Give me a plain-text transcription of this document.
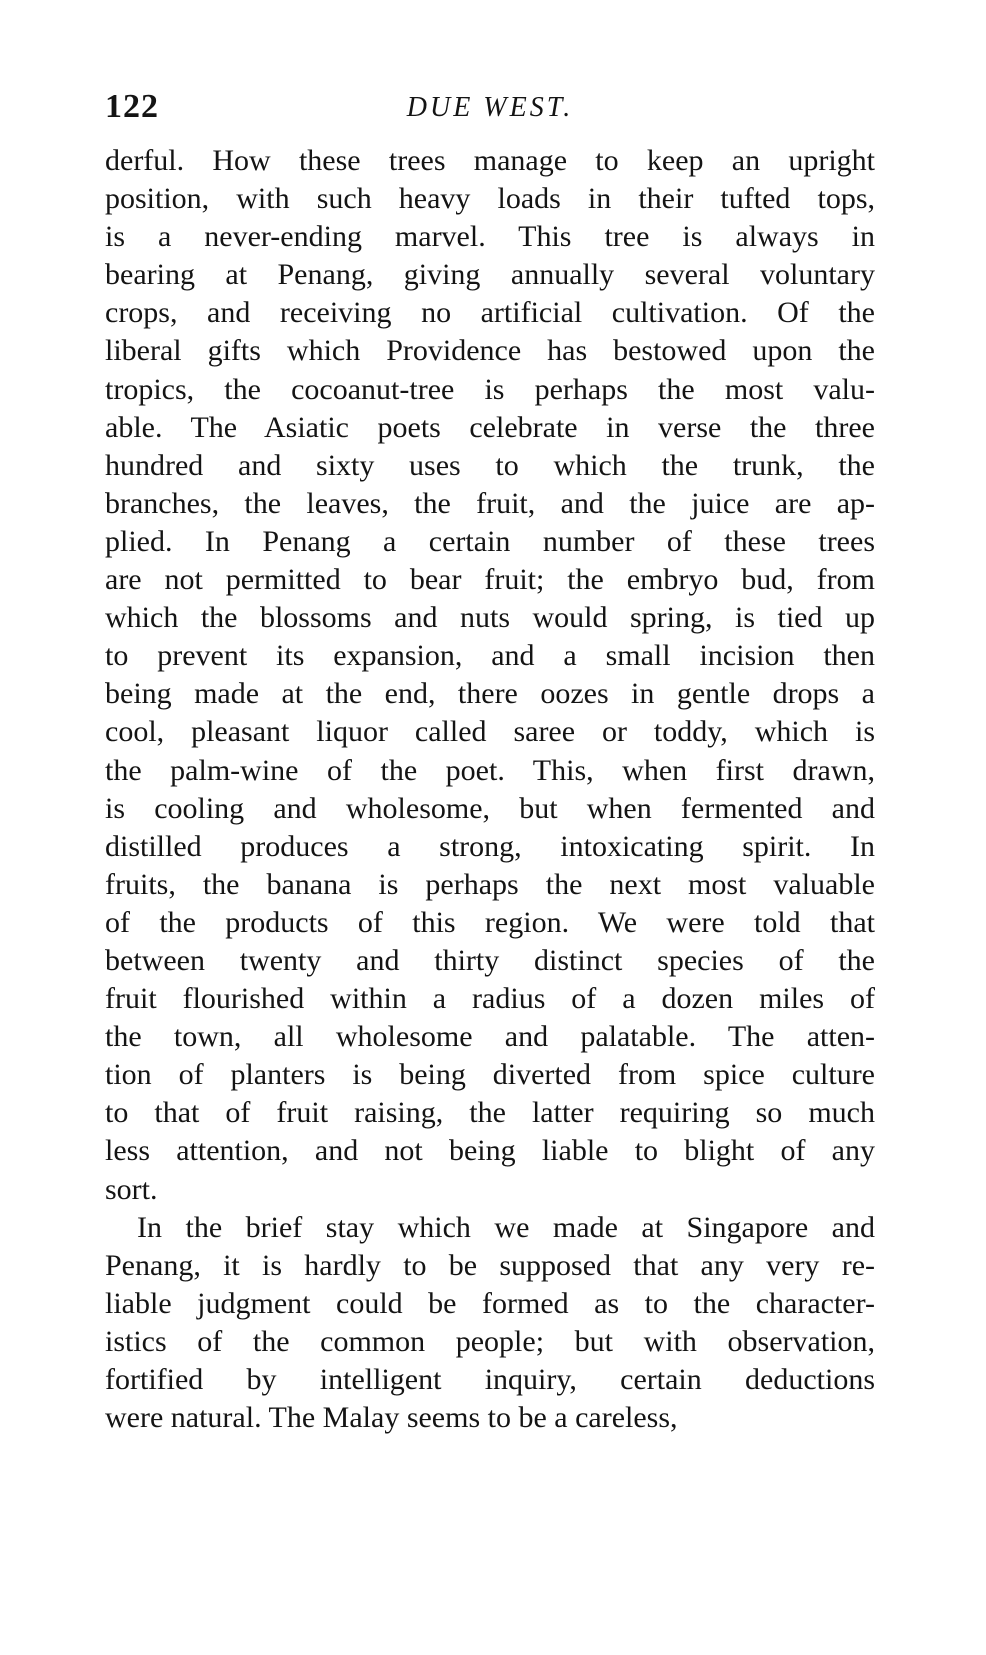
122	DUE WEST.
derful. How these trees manage to keep an upright
position, with such heavy loads in their tufted tops,
is a never-ending marvel. This tree is always in
bearing at Penang, giving annually several voluntary
crops, and receiving no artificial cultivation. Of the
liberal gifts which Providence has bestowed upon the
tropics, the cocoanut-tree is perhaps the most valu-
able. The Asiatic poets celebrate in verse the three
hundred and sixty uses to which the trunk, the
branches, the leaves, the fruit, and the juice are ap-
plied. In Penang a certain number of these trees
are not permitted to bear fruit; the embryo bud, from
which the blossoms and nuts would spring, is tied up
to prevent its expansion, and a small incision then
being made at the end, there oozes in gentle drops a
cool, pleasant liquor called saree or toddy, which is
the palm-wine of the poet. This, when first drawn,
is cooling and wholesome, but when fermented and
distilled produces a strong, intoxicating spirit. In
fruits, the banana is perhaps the next most valuable
of the products of this region. We were told that
between twenty and thirty distinct species of the
fruit flourished within a radius of a dozen miles of
the town, all wholesome and palatable. The atten-
tion of planters is being diverted from spice culture
to that of fruit raising, the latter requiring so much
less attention, and not being liable to blight of any
sort.
In the brief stay which we made at Singapore and
Penang, it is hardly to be supposed that any very re-
liable judgment could be formed as to the character-
istics of the common people; but with observation,
fortified by intelligent inquiry, certain deductions
were natural. The Malay seems to be a careless,
